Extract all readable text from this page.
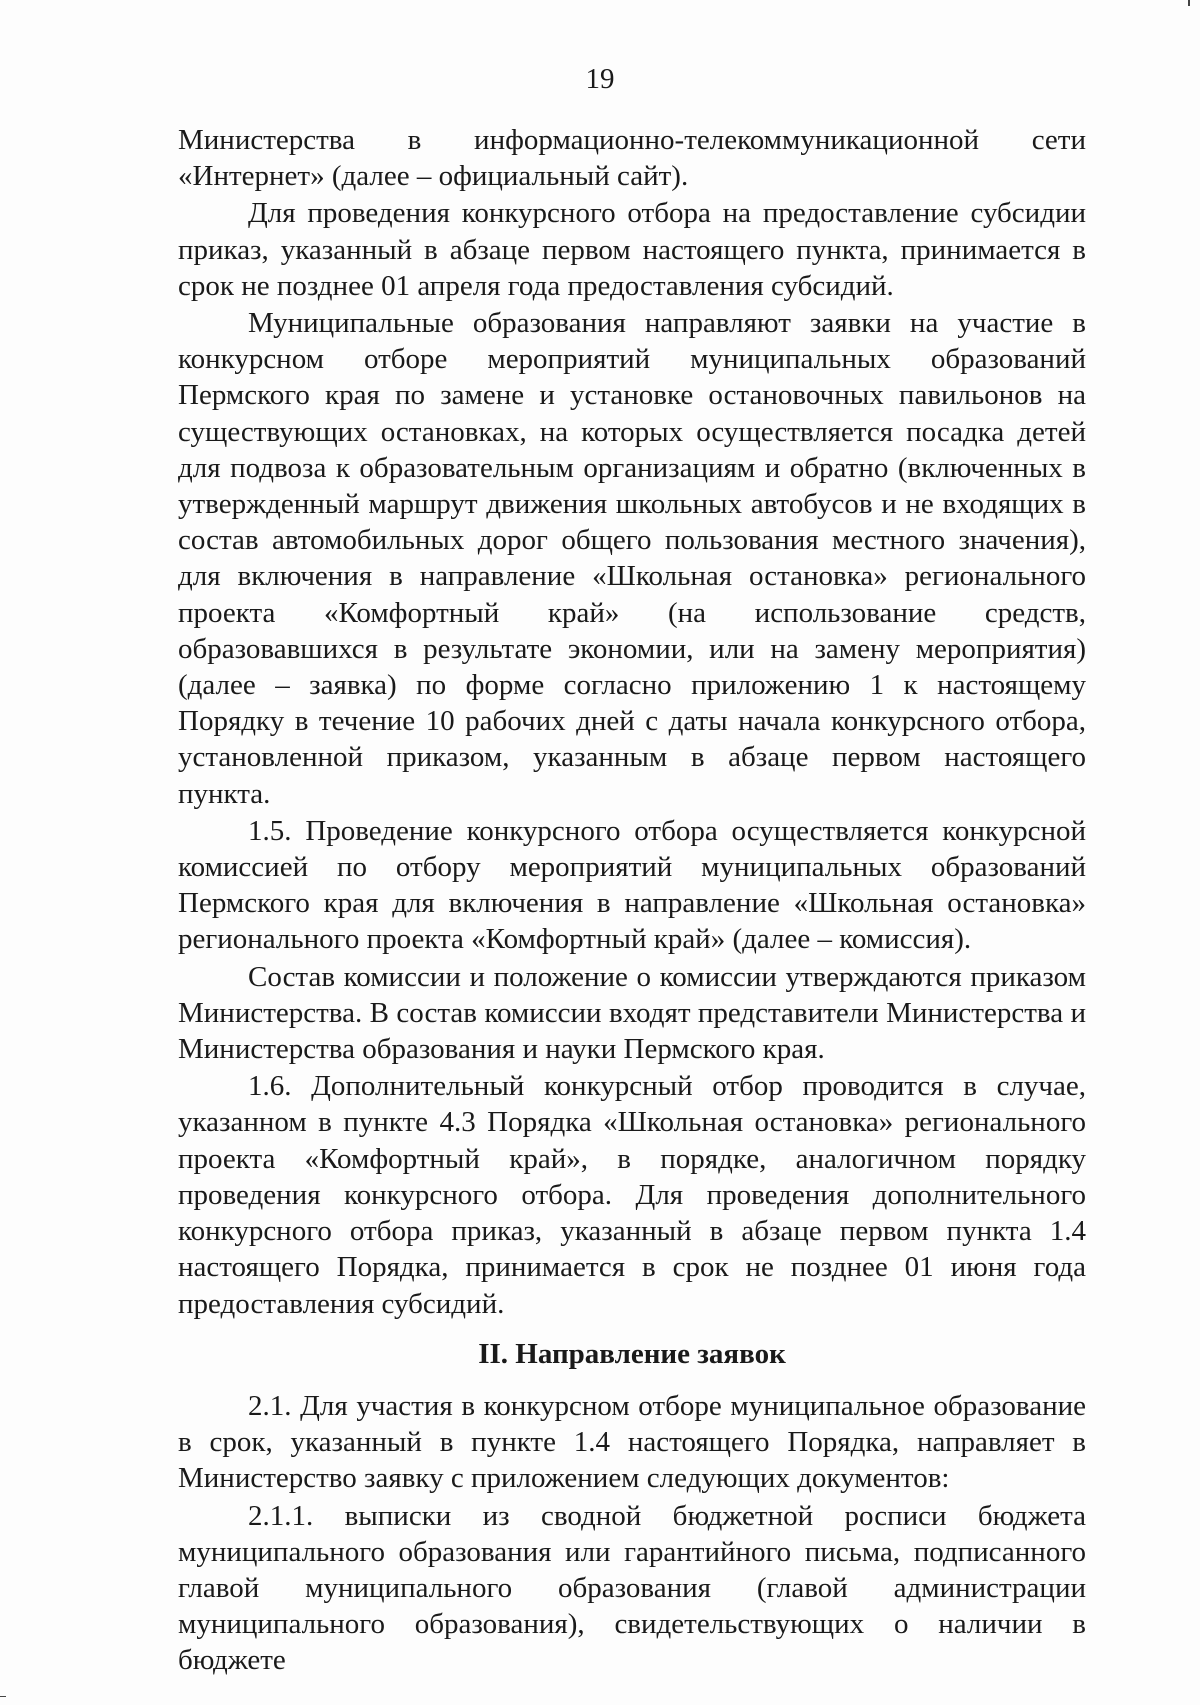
19

Министерства в информационно-телекоммуникационной сети «Интернет» (далее – официальный сайт).

Для проведения конкурсного отбора на предоставление субсидии приказ, указанный в абзаце первом настоящего пункта, принимается в срок не позднее 01 апреля года предоставления субсидий.

Муниципальные образования направляют заявки на участие в конкурсном отборе мероприятий муниципальных образований Пермского края по замене и установке остановочных павильонов на существующих остановках, на которых осуществляется посадка детей для подвоза к образовательным организациям и обратно (включенных в утвержденный маршрут движения школьных автобусов и не входящих в состав автомобильных дорог общего пользования местного значения), для включения в направление «Школьная остановка» регионального проекта «Комфортный край» (на использование средств, образовавшихся в результате экономии, или на замену мероприятия) (далее – заявка) по форме согласно приложению 1 к настоящему Порядку в течение 10 рабочих дней с даты начала конкурсного отбора, установленной приказом, указанным в абзаце первом настоящего пункта.

1.5. Проведение конкурсного отбора осуществляется конкурсной комиссией по отбору мероприятий муниципальных образований Пермского края для включения в направление «Школьная остановка» регионального проекта «Комфортный край» (далее – комиссия).

Состав комиссии и положение о комиссии утверждаются приказом Министерства. В состав комиссии входят представители Министерства и Министерства образования и науки Пермского края.

1.6. Дополнительный конкурсный отбор проводится в случае, указанном в пункте 4.3 Порядка «Школьная остановка» регионального проекта «Комфортный край», в порядке, аналогичном порядку проведения конкурсного отбора. Для проведения дополнительного конкурсного отбора приказ, указанный в абзаце первом пункта 1.4 настоящего Порядка, принимается в срок не позднее 01 июня года предоставления субсидий.

II. Направление заявок

2.1. Для участия в конкурсном отборе муниципальное образование в срок, указанный в пункте 1.4 настоящего Порядка, направляет в Министерство заявку с приложением следующих документов:

2.1.1. выписки из сводной бюджетной росписи бюджета муниципального образования или гарантийного письма, подписанного главой муниципального образования (главой администрации муниципального образования), свидетельствующих о наличии в бюджете
